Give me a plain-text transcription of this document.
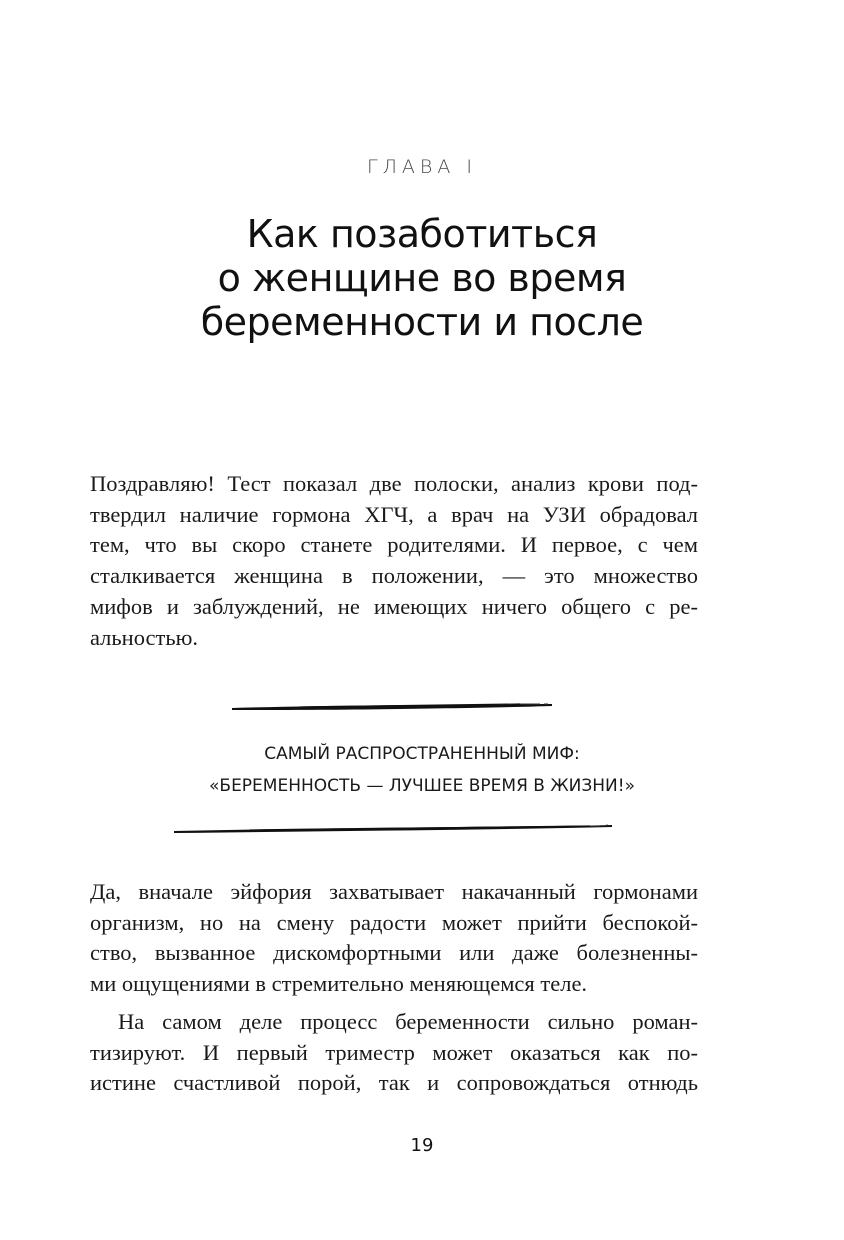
ГЛАВА I
Как позаботиться
о женщине во время
беременности и после
Поздравляю! Тест показал две полоски, анализ крови под-
твердил наличие гормона ХГЧ, а врач на УЗИ обрадовал
тем, что вы скоро станете родителями. И первое, с чем
сталкивается женщина в положении, — это множество
мифов и заблуждений, не имеющих ничего общего с ре-
альностью.
САМЫЙ РАСПРОСТРАНЕННЫЙ МИФ:
«БЕРЕМЕННОСТЬ — ЛУЧШЕЕ ВРЕМЯ В ЖИЗНИ!»
Да, вначале эйфория захватывает накачанный гормонами
организм, но на смену радости может прийти беспокой-
ство, вызванное дискомфортными или даже болезненны-
ми ощущениями в стремительно меняющемся теле.
На самом деле процесс беременности сильно роман-
тизируют. И первый триместр может оказаться как по-
истине счастливой порой, так и сопровождаться отнюдь
19
